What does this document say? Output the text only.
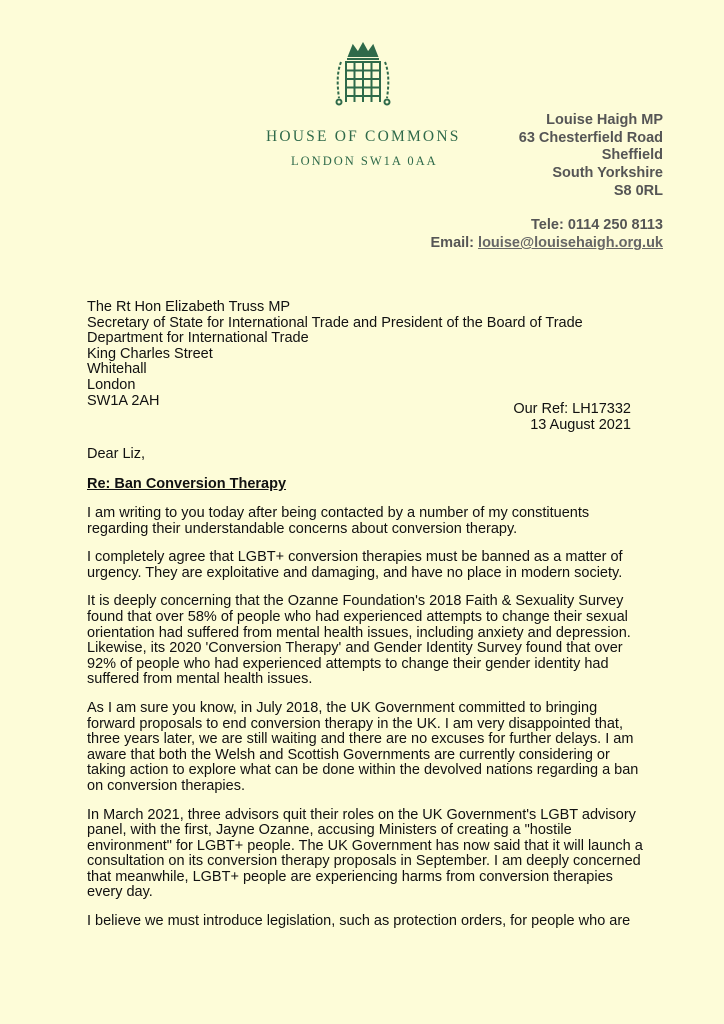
HOUSE OF COMMONS
LONDON SW1A 0AA
Louise Haigh MP
63 Chesterfield Road
Sheffield
South Yorkshire
S8 0RL
Tele: 0114 250 8113
Email: louise@louisehaigh.org.uk
The Rt Hon Elizabeth Truss MP
Secretary of State for International Trade and President of the Board of Trade
Department for International Trade
King Charles Street
Whitehall
London
SW1A 2AH
Our Ref: LH17332
13 August 2021
Dear Liz,
Re: Ban Conversion Therapy

I am writing to you today after being contacted by a number of my constituents regarding their understandable concerns about conversion therapy.

I completely agree that LGBT+ conversion therapies must be banned as a matter of urgency. They are exploitative and damaging, and have no place in modern society.

It is deeply concerning that the Ozanne Foundation's 2018 Faith & Sexuality Survey found that over 58% of people who had experienced attempts to change their sexual orientation had suffered from mental health issues, including anxiety and depression. Likewise, its 2020 'Conversion Therapy' and Gender Identity Survey found that over 92% of people who had experienced attempts to change their gender identity had suffered from mental health issues.

As I am sure you know, in July 2018, the UK Government committed to bringing forward proposals to end conversion therapy in the UK. I am very disappointed that, three years later, we are still waiting and there are no excuses for further delays. I am aware that both the Welsh and Scottish Governments are currently considering or taking action to explore what can be done within the devolved nations regarding a ban on conversion therapies.

In March 2021, three advisors quit their roles on the UK Government's LGBT advisory panel, with the first, Jayne Ozanne, accusing Ministers of creating a "hostile environment" for LGBT+ people. The UK Government has now said that it will launch a consultation on its conversion therapy proposals in September. I am deeply concerned that meanwhile, LGBT+ people are experiencing harms from conversion therapies every day.

I believe we must introduce legislation, such as protection orders, for people who are
